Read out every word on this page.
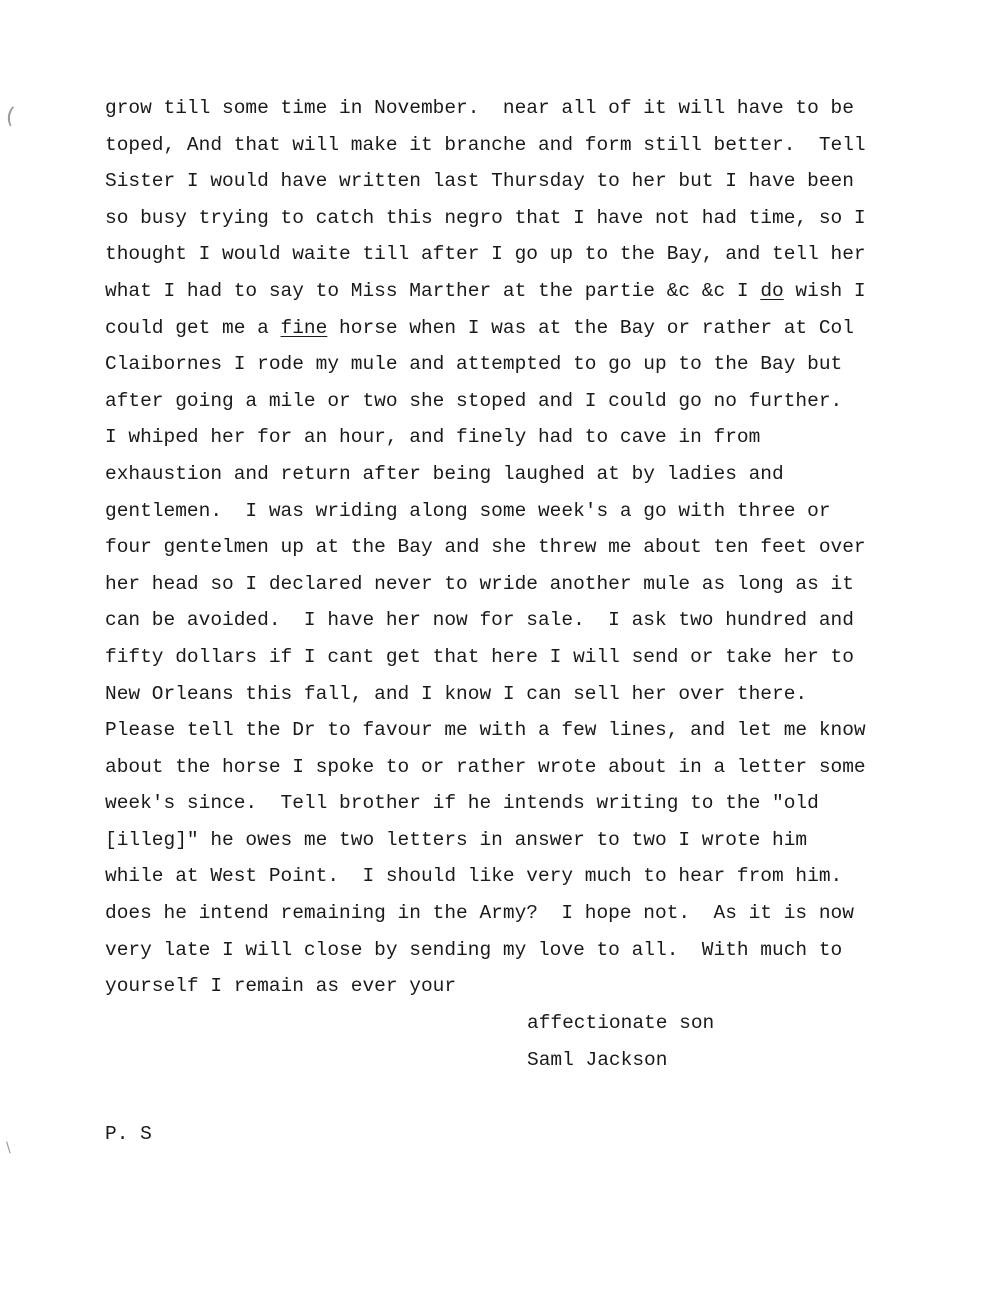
(
\
grow till some time in November.  near all of it will have to be
toped, And that will make it branche and form still better.  Tell
Sister I would have written last Thursday to her but I have been
so busy trying to catch this negro that I have not had time, so I
thought I would waite till after I go up to the Bay, and tell her
what I had to say to Miss Marther at the partie &c &c I do wish I
could get me a fine horse when I was at the Bay or rather at Col
Claibornes I rode my mule and attempted to go up to the Bay but
after going a mile or two she stoped and I could go no further.
I whiped her for an hour, and finely had to cave in from
exhaustion and return after being laughed at by ladies and
gentlemen.  I was wriding along some week's a go with three or
four gentelmen up at the Bay and she threw me about ten feet over
her head so I declared never to wride another mule as long as it
can be avoided.  I have her now for sale.  I ask two hundred and
fifty dollars if I cant get that here I will send or take her to
New Orleans this fall, and I know I can sell her over there.
Please tell the Dr to favour me with a few lines, and let me know
about the horse I spoke to or rather wrote about in a letter some
week's since.  Tell brother if he intends writing to the "old
[illeg]" he owes me two letters in answer to two I wrote him
while at West Point.  I should like very much to hear from him.
does he intend remaining in the Army?  I hope not.  As it is now
very late I will close by sending my love to all.  With much to
yourself I remain as ever your
affectionate son
Saml Jackson
P. S
